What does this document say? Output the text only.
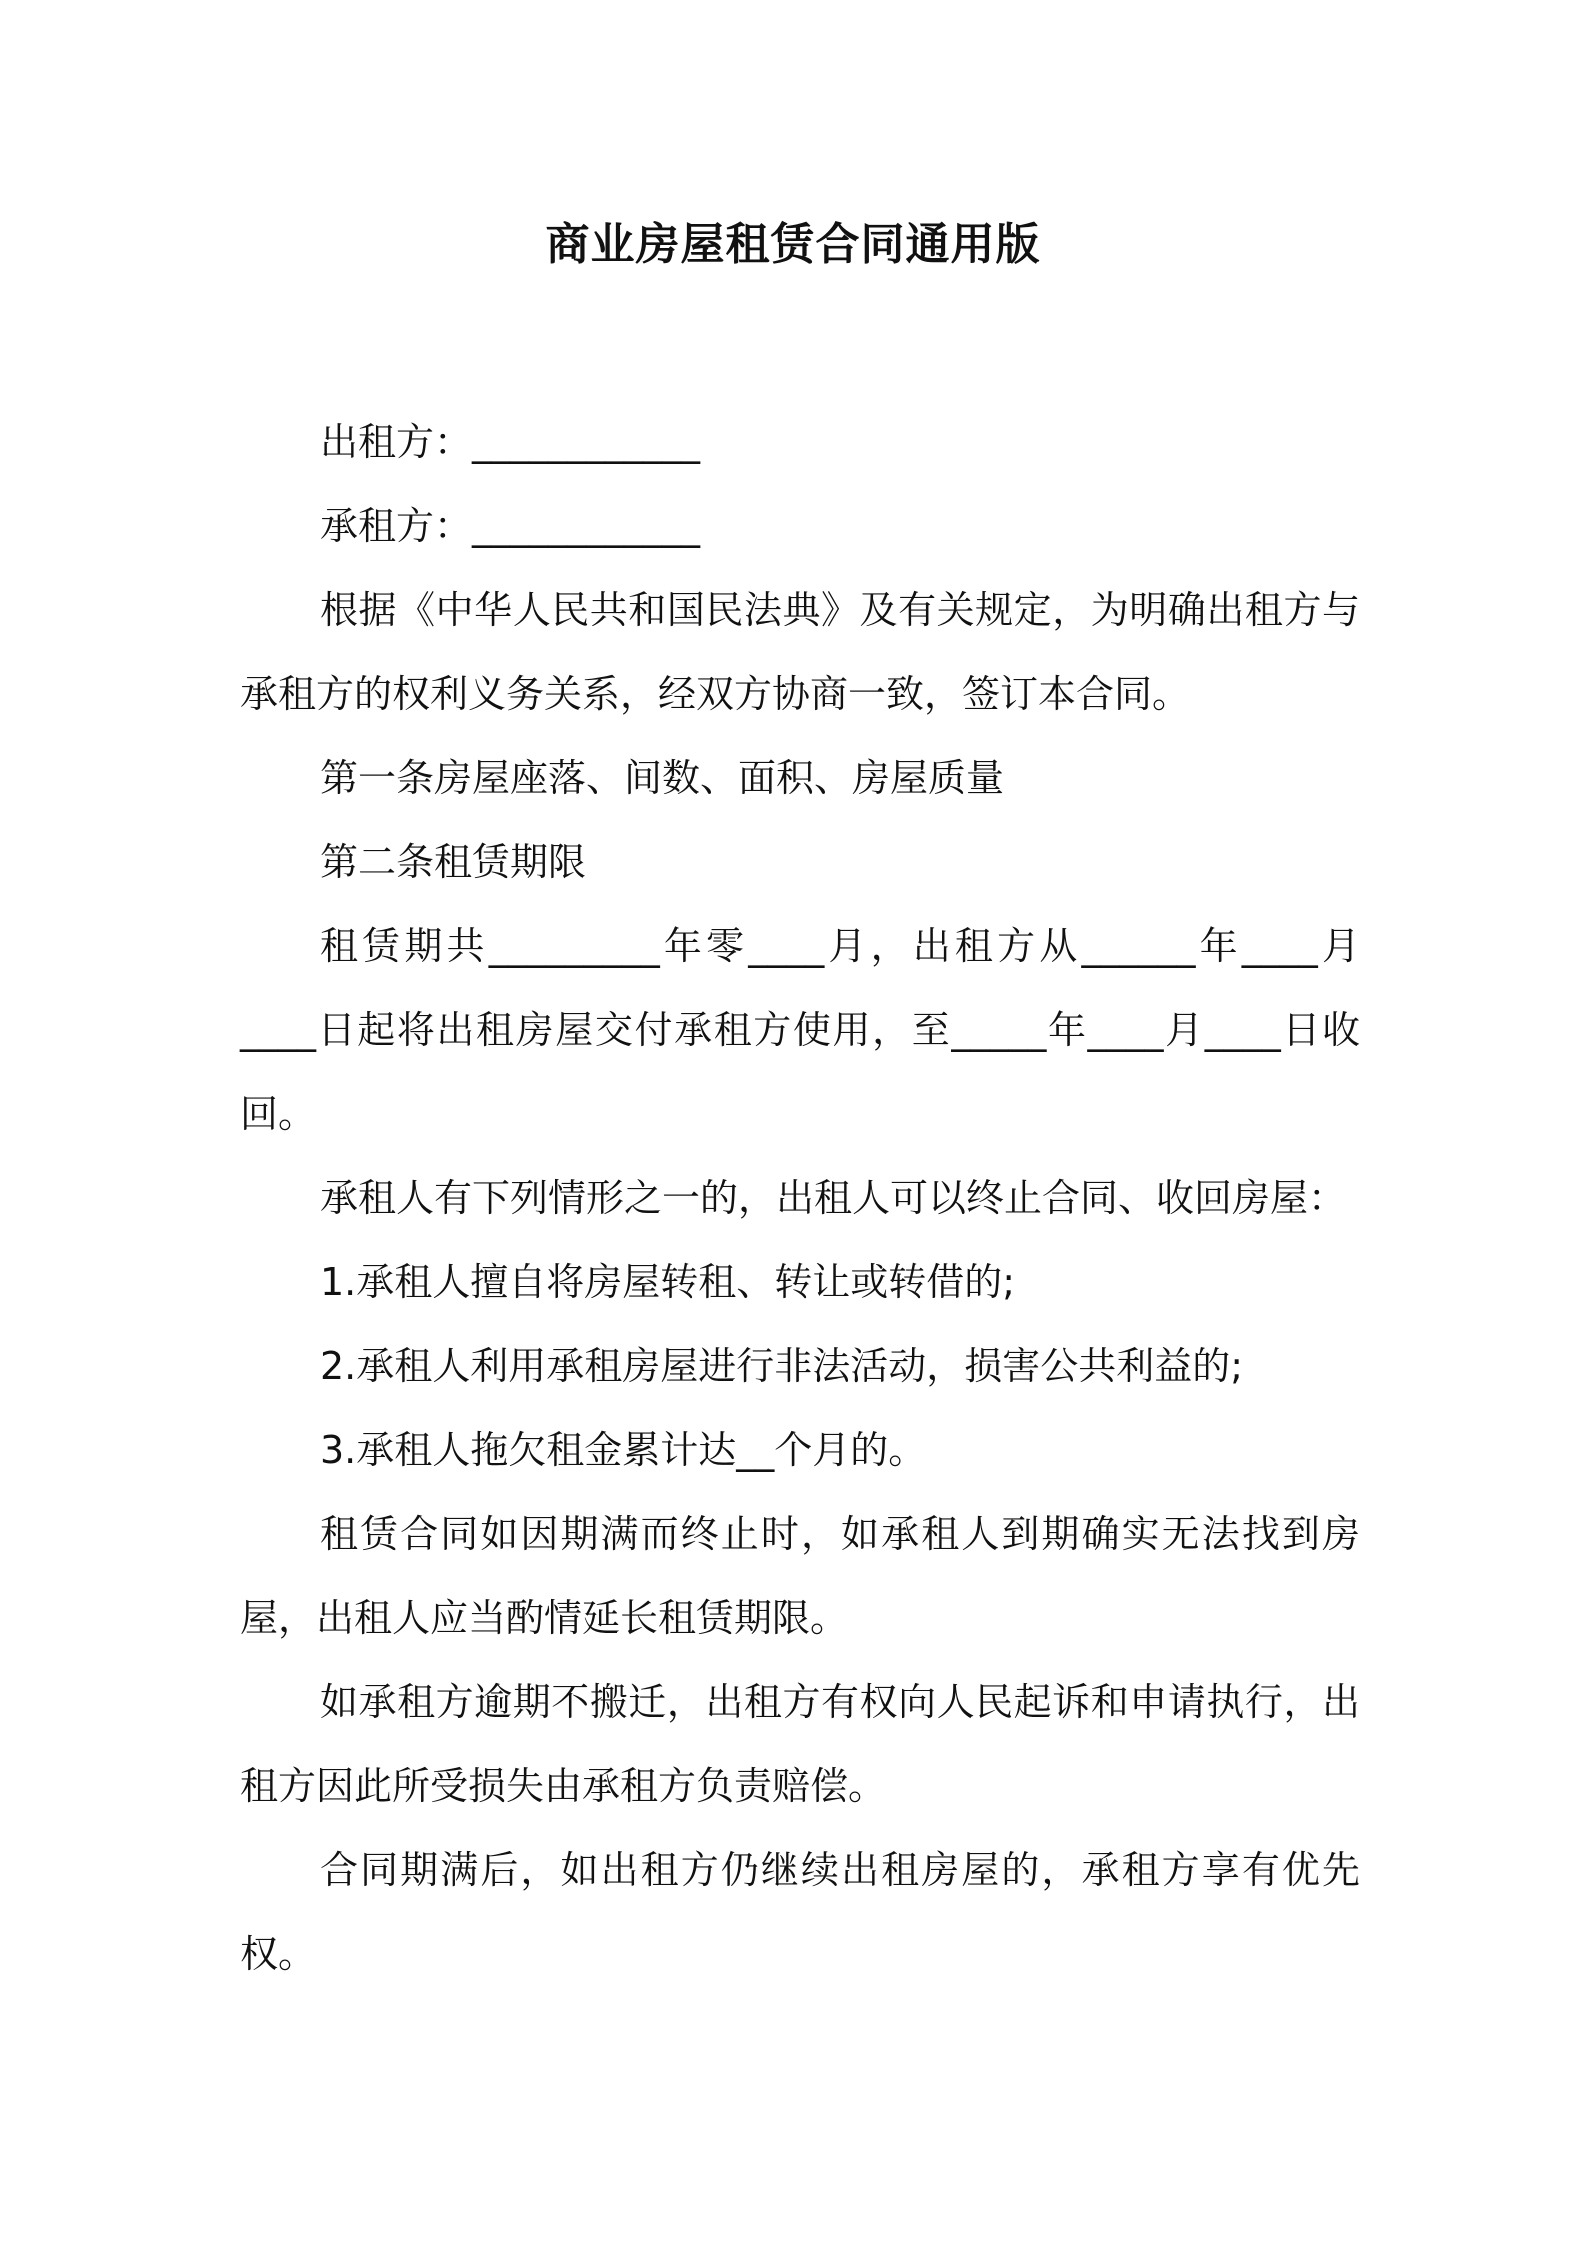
商业房屋租赁合同通用版

出租方：____________

承租方：____________

根据《中华人民共和国民法典》及有关规定，为明确出租方与承租方的权利义务关系，经双方协商一致，签订本合同。

第一条房屋座落、间数、面积、房屋质量

第二条租赁期限

租赁期共_________年零____月，出租方从______年____月____日起将出租房屋交付承租方使用，至_____年____月____日收回。

承租人有下列情形之一的，出租人可以终止合同、收回房屋：

1.承租人擅自将房屋转租、转让或转借的;

2.承租人利用承租房屋进行非法活动，损害公共利益的;

3.承租人拖欠租金累计达__个月的。

租赁合同如因期满而终止时，如承租人到期确实无法找到房屋，出租人应当酌情延长租赁期限。

如承租方逾期不搬迁，出租方有权向人民起诉和申请执行，出租方因此所受损失由承租方负责赔偿。

合同期满后，如出租方仍继续出租房屋的，承租方享有优先权。
